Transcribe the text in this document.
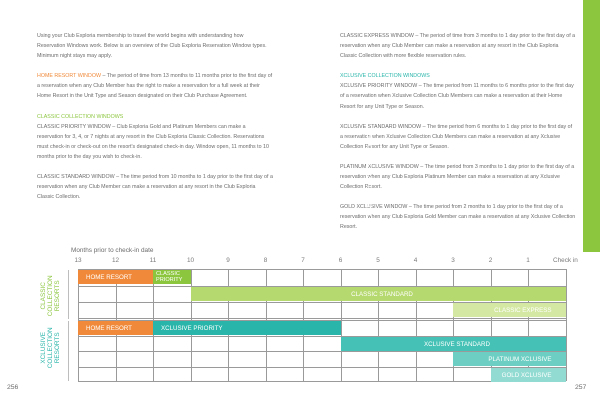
Using your Club Exploria membership to travel the world begins with understanding how Reservation Windows work. Below is an overview of the Club Exploria Reservation Window types. Minimum night stays may apply.

HOME RESORT WINDOW – The period of time from 13 months to 11 months prior to the first day of a reservation when any Club Member has the right to make a reservation for a full week at their Home Resort in the Unit Type and Season designated on their Club Purchase Agreement.

CLASSIC COLLECTION WINDOWS
CLASSIC PRIORITY WINDOW – Club Exploria Gold and Platinum Members can make a reservation for 3, 4, or 7 nights at any resort in the Club Exploria Classic Collection. Reservations must check-in or check-out on the resort's designated check-in day. Window open, 11 months to 10 months prior to the day you wish to check-in.

CLASSIC STANDARD WINDOW – The time period from 10 months to 1 day prior to the first day of a reservation when any Club Member can make a reservation at any resort in the Club Exploria Classic Collection.

CLASSIC EXPRESS WINDOW – The period of time from 3 months to 1 day prior to the first day of a reservation when any Club Member can make a reservation at any resort in the Club Exploria Classic Collection with more flexible reservation rules.

XCLUSIVE COLLECTION WINDOWS
XCLUSIVE PRIORITY WINDOW – The time period from 11 months to 6 months prior to the first day of a reservation when Xclusive Collection Club Members can make a reservation at their Home Resort for any Unit Type or Season.

XCLUSIVE STANDARD WINDOW – The time period from 6 months to 1 day prior to the first day of a reservation when Xclusive Collection Club Members can make a reservation at any Xclusive Collection Resort for any Unit Type or Season.

PLATINUM XCLUSIVE WINDOW – The time period from 3 months to 1 day prior to the first day of a reservation when any Club Exploria Platinum Member can make a reservation at any Xclusive Collection Resort.

GOLD XCLUSIVE WINDOW – The time period from 2 months to 1 day prior to the first day of a reservation when any Club Exploria Gold Member can make a reservation at any Xclusive Collection Resort.	WHEN TO USE YOUR EXPLORE
Months prior to check-in date
Check in
13	12	11	10	9	8	7	6	5	4	3	2	1
CLASSIC COLLECTION RESORTS
XCLUSIVE COLLECTION RESORTS
HOME RESORT	CLASSIC PRIORITY
CLASSIC STANDARD
CLASSIC EXPRESS
HOME RESORT	XCLUSIVE PRIORITY
XCLUSIVE STANDARD
PLATINUM XCLUSIVE
GOLD XCLUSIVE
256	257
